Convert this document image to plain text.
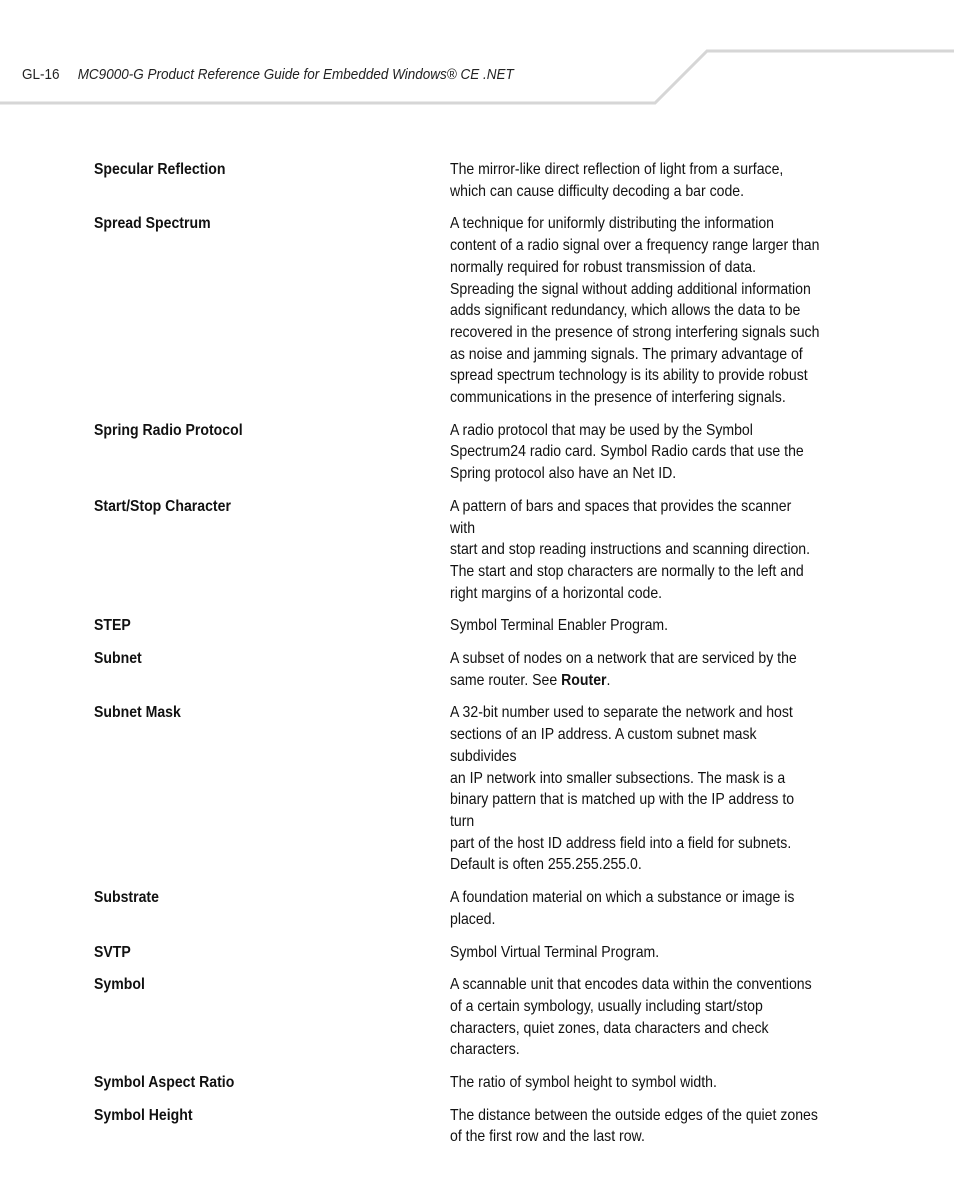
GL-16 MC9000-G Product Reference Guide for Embedded Windows® CE .NET
Specular Reflection	The mirror-like direct reflection of light from a surface,
which can cause difficulty decoding a bar code.
Spread Spectrum	A technique for uniformly distributing the information
content of a radio signal over a frequency range larger than
normally required for robust transmission of data.
Spreading the signal without adding additional information
adds significant redundancy, which allows the data to be
recovered in the presence of strong interfering signals such
as noise and jamming signals. The primary advantage of
spread spectrum technology is its ability to provide robust
communications in the presence of interfering signals.
Spring Radio Protocol	A radio protocol that may be used by the Symbol
Spectrum24 radio card. Symbol Radio cards that use the
Spring protocol also have an Net ID.
Start/Stop Character	A pattern of bars and spaces that provides the scanner with
start and stop reading instructions and scanning direction.
The start and stop characters are normally to the left and
right margins of a horizontal code.
STEP	Symbol Terminal Enabler Program.
Subnet	A subset of nodes on a network that are serviced by the
same router. See Router.
Subnet Mask	A 32-bit number used to separate the network and host
sections of an IP address. A custom subnet mask subdivides
an IP network into smaller subsections. The mask is a
binary pattern that is matched up with the IP address to turn
part of the host ID address field into a field for subnets.
Default is often 255.255.255.0.
Substrate	A foundation material on which a substance or image is
placed.
SVTP	Symbol Virtual Terminal Program.
Symbol	A scannable unit that encodes data within the conventions
of a certain symbology, usually including start/stop
characters, quiet zones, data characters and check
characters.
Symbol Aspect Ratio	The ratio of symbol height to symbol width.
Symbol Height	The distance between the outside edges of the quiet zones
of the first row and the last row.
